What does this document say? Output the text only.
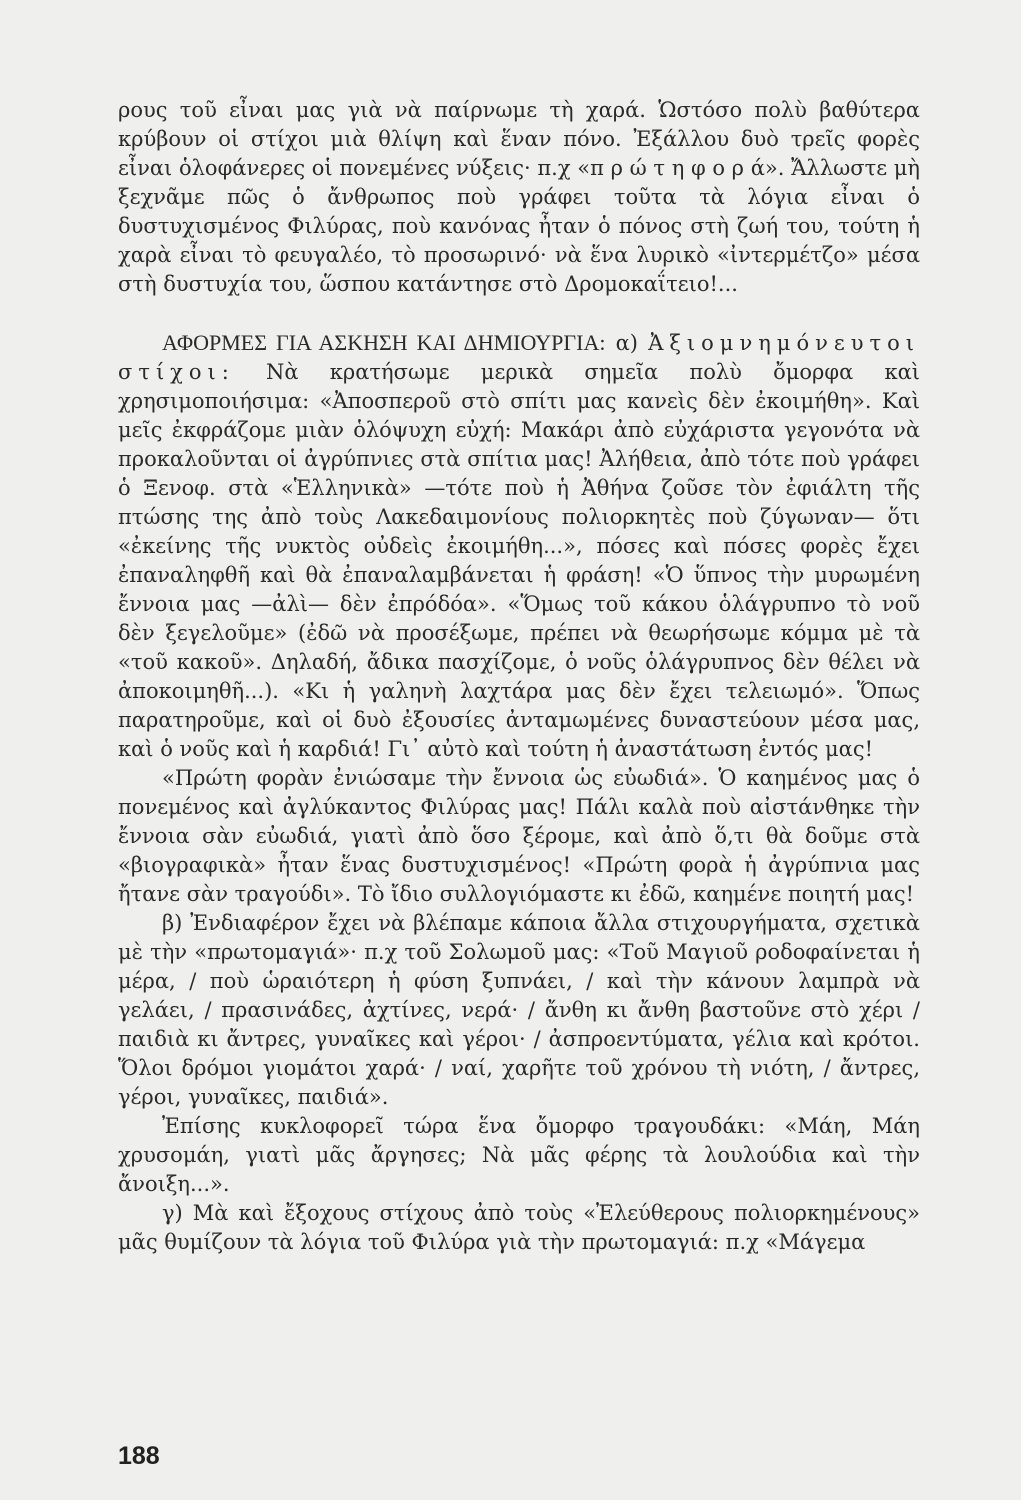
ρους τοῦ εἶναι μας γιὰ νὰ παίρνωμε τὴ χαρά. Ὡστόσο πολὺ βαθύτερα κρύβουν οἱ στίχοι μιὰ θλίψη καὶ ἕναν πόνο. Ἐξάλλου δυὸ τρεῖς φορὲς εἶναι ὁλοφάνερες οἱ πονεμένες νύξεις· π.χ «π ρ ώ τ η φ ο ρ ά». Ἄλλωστε μὴ ξεχνᾶμε πῶς ὁ ἄνθρωπος ποὺ γράφει τοῦτα τὰ λόγια εἶναι ὁ δυστυχισμένος Φιλύρας, ποὺ κανόνας ἦταν ὁ πόνος στὴ ζωή του, τούτη ἡ χαρὰ εἶναι τὸ φευγαλέο, τὸ προσωρινό· νὰ ἕνα λυρικὸ «ἰντερμέτζο» μέσα στὴ δυστυχία του, ὥσπου κατάντησε στὸ Δρομοκαΐτειο!...

ΑΦΟΡΜΕΣ ΓΙΑ ΑΣΚΗΣΗ ΚΑΙ ΔΗΜΙΟΥΡΓΙΑ: α) Ἀξιομνημόνευτοι στίχοι: Νὰ κρατήσωμε μερικὰ σημεῖα πολὺ ὄμορφα καὶ χρησιμοποιήσιμα: «Ἀποσπεροῦ στὸ σπίτι μας κανεὶς δὲν ἐκοιμήθη». Καὶ μεῖς ἐκφράζομε μιὰν ὁλόψυχη εὐχή: Μακάρι ἀπὸ εὐχάριστα γεγονότα νὰ προκαλοῦνται οἱ ἀγρύπνιες στὰ σπίτια μας! Ἀλήθεια, ἀπὸ τότε ποὺ γράφει ὁ Ξενοφ. στὰ «Ἑλληνικὰ» —τότε ποὺ ἡ Ἀθήνα ζοῦσε τὸν ἐφιάλτη τῆς πτώσης της ἀπὸ τοὺς Λακεδαιμονίους πολιορκητὲς ποὺ ζύγωναν— ὅτι «ἐκείνης τῆς νυκτὸς οὐδεὶς ἐκοιμήθη...», πόσες καὶ πόσες φορὲς ἔχει ἐπαναληφθῆ καὶ θὰ ἐπαναλαμβάνεται ἡ φράση! «Ὁ ὕπνος τὴν μυρωμένη ἔννοια μας —ἀλὶ— δὲν ἐπρόδόα». «Ὅμως τοῦ κάκου ὁλάγρυπνο τὸ νοῦ δὲν ξεγελοῦμε» (ἐδῶ νὰ προσέξωμε, πρέπει νὰ θεωρήσωμε κόμμα μὲ τὰ «τοῦ κακοῦ». Δηλαδή, ἄδικα πασχίζομε, ὁ νοῦς ὁλάγρυπνος δὲν θέλει νὰ ἀποκοιμηθῆ...). «Κι ἡ γαληνὴ λαχτάρα μας δὲν ἔχει τελειωμό». Ὅπως παρατηροῦμε, καὶ οἱ δυὸ ἐξουσίες ἀνταμωμένες δυναστεύουν μέσα μας, καὶ ὁ νοῦς καὶ ἡ καρδιά! Γι᾽ αὐτὸ καὶ τούτη ἡ ἀναστάτωση ἐντός μας!

«Πρώτη φορὰν ἐνιώσαμε τὴν ἔννοια ὡς εὐωδιά». Ὁ καημένος μας ὁ πονεμένος καὶ ἀγλύκαντος Φιλύρας μας! Πάλι καλὰ ποὺ αἰστάνθηκε τὴν ἔννοια σὰν εὐωδιά, γιατὶ ἀπὸ ὅσο ξέρομε, καὶ ἀπὸ ὅ,τι θὰ δοῦμε στὰ «βιογραφικὰ» ἦταν ἕνας δυστυχισμένος! «Πρώτη φορὰ ἡ ἀγρύπνια μας ἤτανε σὰν τραγούδι». Τὸ ἴδιο συλλογιόμαστε κι ἐδῶ, καημένε ποιητή μας!

β) Ἐνδιαφέρον ἔχει νὰ βλέπαμε κάποια ἄλλα στιχουργήματα, σχετικὰ μὲ τὴν «πρωτομαγιά»· π.χ τοῦ Σολωμοῦ μας: «Τοῦ Μαγιοῦ ροδοφαίνεται ἡ μέρα, / ποὺ ὡραιότερη ἡ φύση ξυπνάει, / καὶ τὴν κάνουν λαμπρὰ νὰ γελάει, / πρασινάδες, ἀχτίνες, νερά· / ἄνθη κι ἄνθη βαστοῦνε στὸ χέρι / παιδιὰ κι ἄντρες, γυναῖκες καὶ γέροι· / ἀσπροεντύματα, γέλια καὶ κρότοι. Ὅλοι δρόμοι γιομάτοι χαρά· / ναί, χαρῆτε τοῦ χρόνου τὴ νιότη, / ἄντρες, γέροι, γυναῖκες, παιδιά».

Ἐπίσης κυκλοφορεῖ τώρα ἕνα ὄμορφο τραγουδάκι: «Μάη, Μάη χρυσομάη, γιατὶ μᾶς ἄργησες; Νὰ μᾶς φέρης τὰ λουλούδια καὶ τὴν ἄνοιξη...».

γ) Μὰ καὶ ἔξοχους στίχους ἀπὸ τοὺς «Ἐλεύθερους πολιορκημένους» μᾶς θυμίζουν τὰ λόγια τοῦ Φιλύρα γιὰ τὴν πρωτομαγιά: π.χ «Μάγεμα

188
